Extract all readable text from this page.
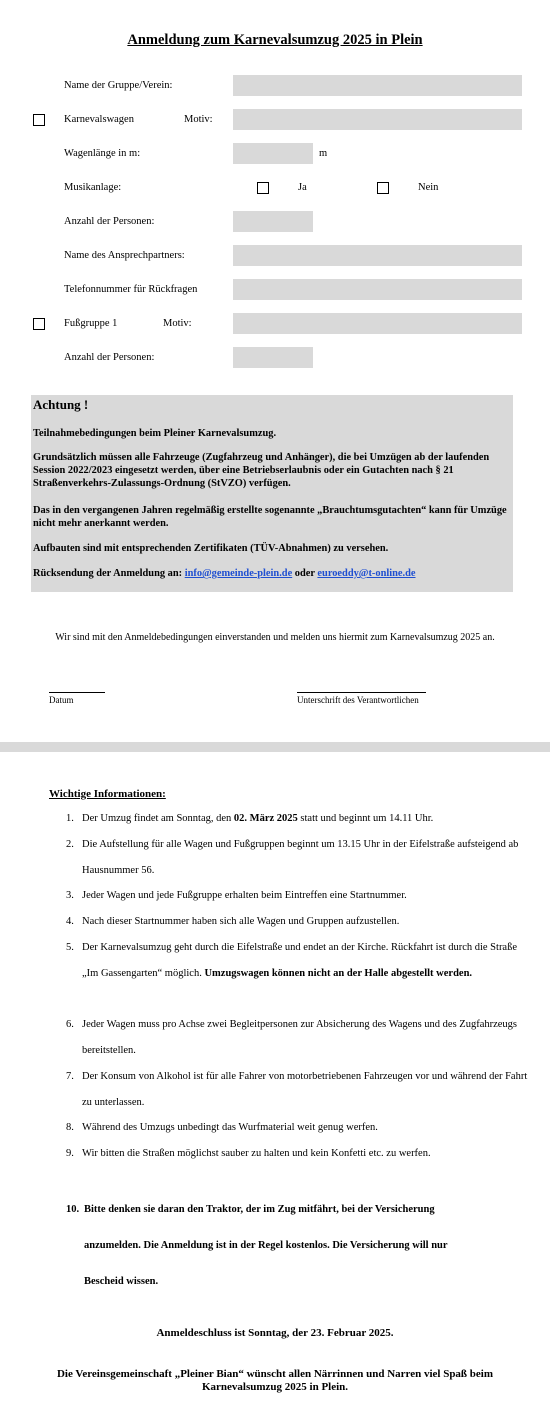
Anmeldung zum Karnevalsumzug 2025 in Plein
Name der Gruppe/Verein:
Karnevalswagen	Motiv:
Wagenlänge in m:	m
Musikanlage:	Ja	Nein
Anzahl der Personen:
Name des Ansprechpartners:
Telefonnummer für Rückfragen
Fußgruppe 1	Motiv:
Anzahl der Personen:
Achtung !
Teilnahmebedingungen beim Pleiner Karnevalsumzug.
Grundsätzlich müssen alle Fahrzeuge (Zugfahrzeug und Anhänger), die bei Umzügen ab der laufenden Session 2022/2023 eingesetzt werden, über eine Betriebserlaubnis oder ein Gutachten nach § 21 Straßenverkehrs-Zulassungs-Ordnung (StVZO) verfügen.
Das in den vergangenen Jahren regelmäßig erstellte sogenannte „Brauchtumsgutachten“ kann für Umzüge nicht mehr anerkannt werden.
Aufbauten sind mit entsprechenden Zertifikaten (TÜV-Abnahmen) zu versehen.
Rücksendung der Anmeldung an: info@gemeinde-plein.de oder euroeddy@t-online.de
Wir sind mit den Anmeldebedingungen einverstanden und melden uns hiermit zum Karnevalsumzug 2025 an.
Datum	Unterschrift des Verantwortlichen
Wichtige Informationen:
1. Der Umzug findet am Sonntag, den 02. März 2025 statt und beginnt um 14.11 Uhr.
2. Die Aufstellung für alle Wagen und Fußgruppen beginnt um 13.15 Uhr in der Eifelstraße aufsteigend ab Hausnummer 56.
3. Jeder Wagen und jede Fußgruppe erhalten beim Eintreffen eine Startnummer.
4. Nach dieser Startnummer haben sich alle Wagen und Gruppen aufzustellen.
5. Der Karnevalsumzug geht durch die Eifelstraße und endet an der Kirche. Rückfahrt ist durch die Straße „Im Gassengarten“ möglich. Umzugswagen können nicht an der Halle abgestellt werden.
6. Jeder Wagen muss pro Achse zwei Begleitpersonen zur Absicherung des Wagens und des Zugfahrzeugs bereitstellen.
7. Der Konsum von Alkohol ist für alle Fahrer von motorbetriebenen Fahrzeugen vor und während der Fahrt zu unterlassen.
8. Während des Umzugs unbedingt das Wurfmaterial weit genug werfen.
9. Wir bitten die Straßen möglichst sauber zu halten und kein Konfetti etc. zu werfen.
10. Bitte denken sie daran den Traktor, der im Zug mitfährt, bei der Versicherung anzumelden. Die Anmeldung ist in der Regel kostenlos. Die Versicherung will nur Bescheid wissen.
Anmeldeschluss ist Sonntag, der 23. Februar 2025.
Die Vereinsgemeinschaft „Pleiner Bian“ wünscht allen Närrinnen und Narren viel Spaß beim Karnevalsumzug 2025 in Plein.
